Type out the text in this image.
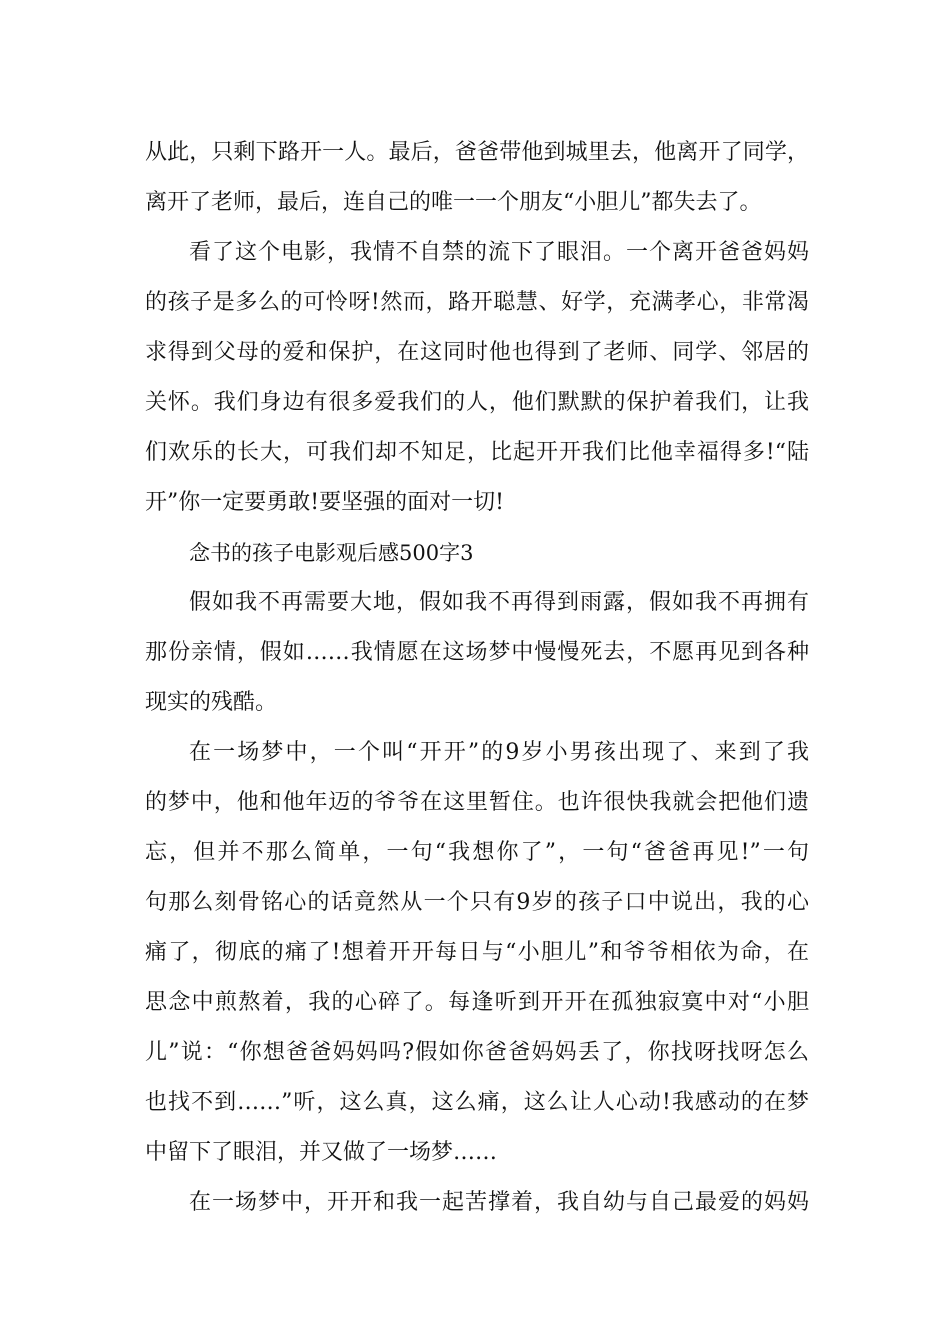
从此，只剩下路开一人。最后，爸爸带他到城里去，他离开了同学，
离开了老师，最后，连自己的唯一一个朋友“小胆儿”都失去了。
看了这个电影，我情不自禁的流下了眼泪。一个离开爸爸妈妈
的孩子是多么的可怜呀!然而，路开聪慧、好学，充满孝心，非常渴
求得到父母的爱和保护，在这同时他也得到了老师、同学、邻居的
关怀。我们身边有很多爱我们的人，他们默默的保护着我们，让我
们欢乐的长大，可我们却不知足，比起开开我们比他幸福得多!“陆
开”你一定要勇敢!要坚强的面对一切!
念书的孩子电影观后感500字3
假如我不再需要大地，假如我不再得到雨露，假如我不再拥有
那份亲情，假如……我情愿在这场梦中慢慢死去，不愿再见到各种
现实的残酷。
在一场梦中，一个叫“开开”的9岁小男孩出现了、来到了我
的梦中，他和他年迈的爷爷在这里暂住。也许很快我就会把他们遗
忘，但并不那么简单，一句“我想你了”，一句“爸爸再见!”一句
句那么刻骨铭心的话竟然从一个只有9岁的孩子口中说出，我的心
痛了，彻底的痛了!想着开开每日与“小胆儿”和爷爷相依为命，在
思念中煎熬着，我的心碎了。每逢听到开开在孤独寂寞中对“小胆
儿”说：“你想爸爸妈妈吗?假如你爸爸妈妈丢了，你找呀找呀怎么
也找不到……”听，这么真，这么痛，这么让人心动!我感动的在梦
中留下了眼泪，并又做了一场梦……
在一场梦中，开开和我一起苦撑着，我自幼与自己最爱的妈妈
